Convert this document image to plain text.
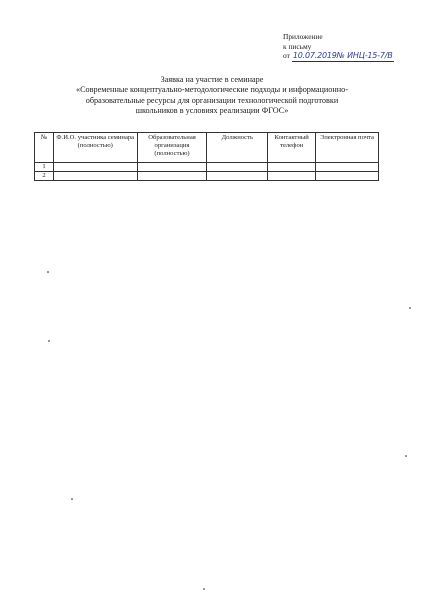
Приложение
к письму
от 10.07.2019№ ИНЦ-15-7/В
Заявка на участие в семинаре
«Современные концептуально-методологические подходы и информационно-
образовательные ресурсы для организации технологической подготовки
школьников в условиях реализации ФГОС»
№	Ф.И.О. участника семинара (полностью)	Образовательная организация (полностью)	Должность	Контактный телефон	Электронная почта
1					
2					
